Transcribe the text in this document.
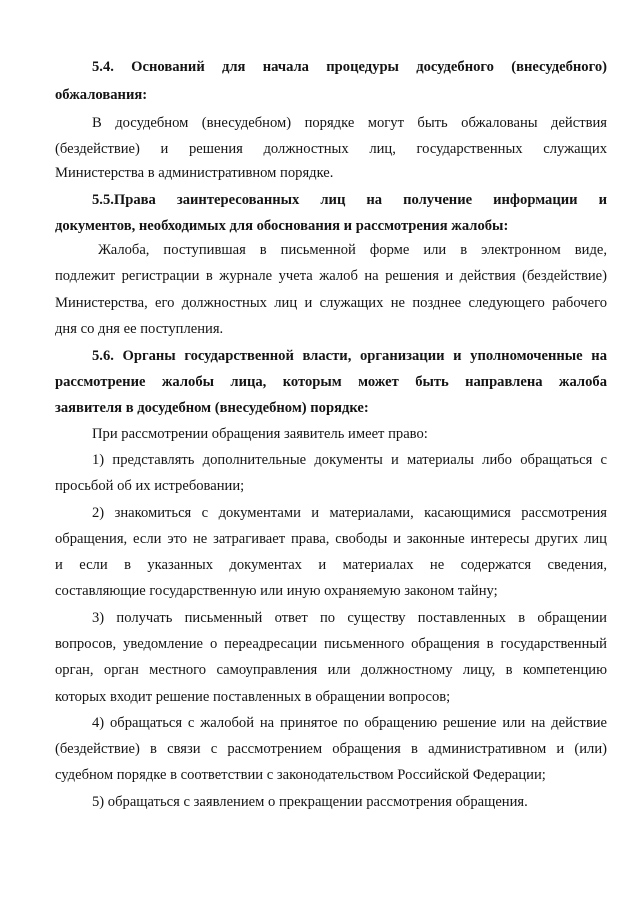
5.4. Оснований для начала процедуры досудебного (внесудебного)
обжалования:
В досудебном (внесудебном) порядке могут быть обжалованы действия
(бездействие) и решения должностных лиц, государственных служащих
Министерства в административном порядке.
5.5.Права заинтересованных лиц на получение информации и
документов, необходимых для обоснования и рассмотрения жалобы:
Жалоба, поступившая в письменной форме или в электронном виде,
подлежит регистрации в журнале учета жалоб на решения и действия (бездействие)
Министерства, его должностных лиц и служащих не позднее следующего рабочего
дня со дня ее поступления.
5.6. Органы государственной власти, организации и уполномоченные на
рассмотрение жалобы лица, которым может быть направлена жалоба
заявителя в досудебном (внесудебном) порядке:
При рассмотрении обращения заявитель имеет право:
1) представлять дополнительные документы и материалы либо обращаться с
просьбой об их истребовании;
2) знакомиться с документами и материалами, касающимися рассмотрения
обращения, если это не затрагивает права, свободы и законные интересы других лиц
и если в указанных документах и материалах не содержатся сведения,
составляющие государственную или иную охраняемую законом тайну;
3) получать письменный ответ по существу поставленных в обращении
вопросов, уведомление о переадресации письменного обращения в государственный
орган, орган местного самоуправления или должностному лицу, в компетенцию
которых входит решение поставленных в обращении вопросов;
4) обращаться с жалобой на принятое по обращению решение или на действие
(бездействие) в связи с рассмотрением обращения в административном и (или)
судебном порядке в соответствии с законодательством Российской Федерации;
5) обращаться с заявлением о прекращении рассмотрения обращения.
